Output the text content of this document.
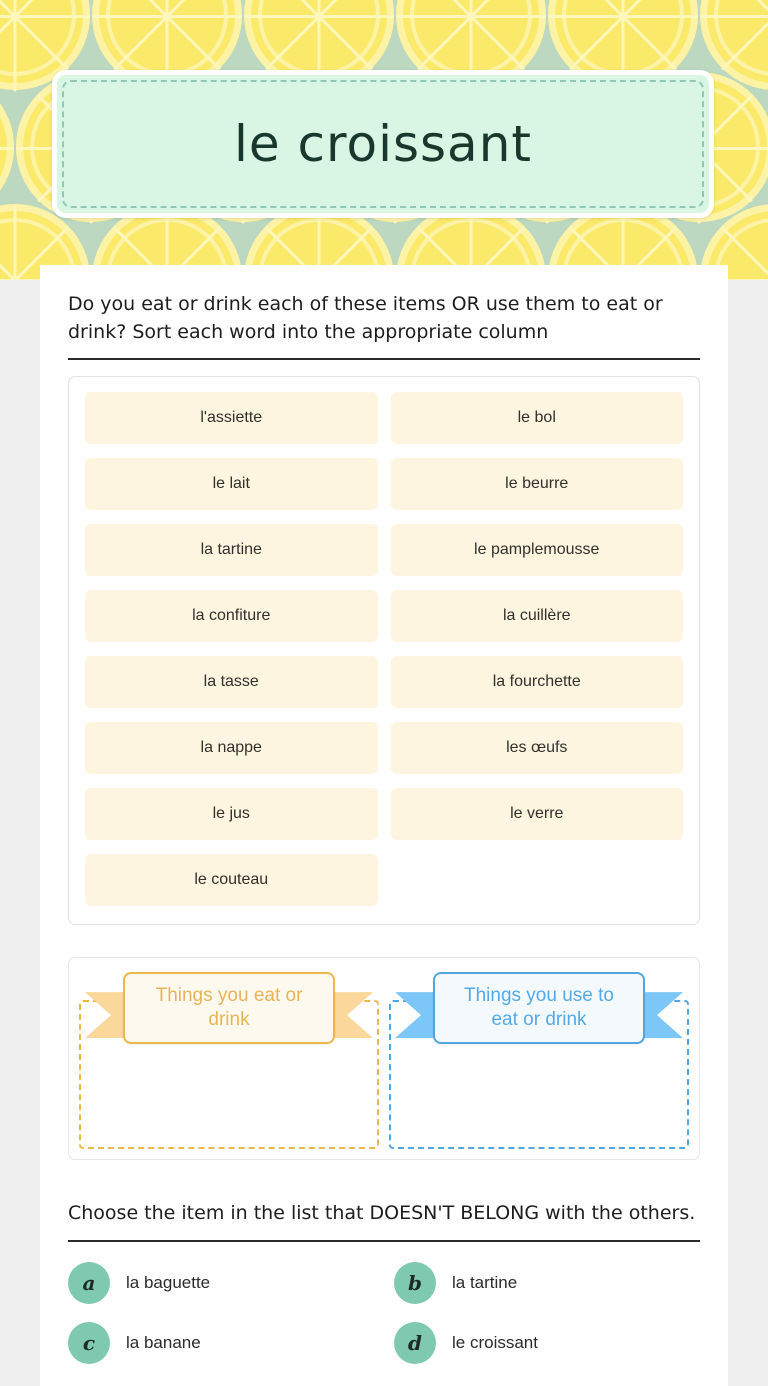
le croissant
Do you eat or drink each of these items OR use them to eat or drink? Sort each word into the appropriate column
l'assiette	le bol
le lait	le beurre
la tartine	le pamplemousse
la confiture	la cuillère
la tasse	la fourchette
la nappe	les œufs
le jus	le verre
le couteau
Things you eat or drink
Things you use to eat or drink
Choose the item in the list that DOESN'T BELONG with the others.
a	la baguette	b	la tartine
c	la banane	d	le croissant
